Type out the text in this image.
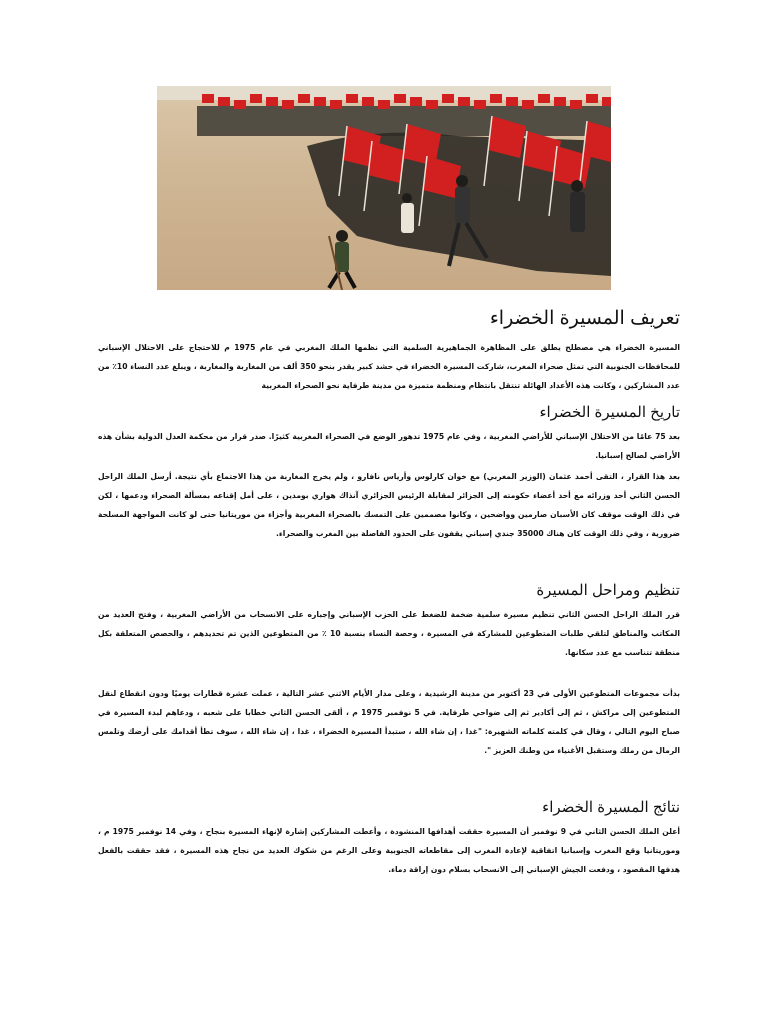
تعريف المسيرة الخضراء

المسيرة الخضراء هي مصطلح يطلق على المظاهرة الجماهيرية السلمية التي نظمها الملك المغربي في عام 1975 م للاحتجاج على الاحتلال الإسباني للمحافظات الجنوبية التي تمثل صحراء المغرب، شاركت المسيرة الخضراء في حشد كبير يقدر بنحو 350 ألف من المغاربة والمغاربة ، ويبلغ عدد النساء 10٪ من عدد المشاركين ، وكانت هذه الأعداد الهائلة تنتقل بانتظام ومنظمة متميزة من مدينة طرفاية نحو الصحراء المغربية

تاريخ المسيرة الخضراء

بعد 75 عامًا من الاحتلال الإسباني للأراضي المغربية ، وفي عام 1975 تدهور الوضع في الصحراء المغربية كثيرًا. صدر قرار من محكمة العدل الدولية بشأن هذه الأراضي لصالح إسبانيا.

بعد هذا القرار ، التقى أحمد عثمان (الوزير المغربي) مع خوان كارلوس وأرياس نافارو ، ولم يخرج المغاربة من هذا الاجتماع بأي نتيجة. أرسل الملك الراحل الحسن الثاني أحد وزرائه مع أحد أعضاء حكومته إلى الجزائر لمقابلة الرئيس الجزائري آنذاك هواري بومدين ، على أمل إقناعه بمسألة الصحراء ودعمها ، لكن في ذلك الوقت موقف كان الأسبان صارمين وواضحين ، وكانوا مصممين على التمسك بالصحراء المغربية وأجزاء من موريتانيا حتى لو كانت المواجهة المسلحة ضرورية ، وفي ذلك الوقت كان هناك 35000 جندي إسباني يقفون على الحدود الفاصلة بين المغرب والصحراء.

تنظيم ومراحل المسيرة

قرر الملك الراحل الحسن الثاني تنظيم مسيرة سلمية ضخمة للضغط على الحزب الإسباني وإجباره على الانسحاب من الأراضي المغربية ، وفتح العديد من المكاتب والمناطق لتلقي طلبات المتطوعين للمشاركة في المسيرة ، وحصة النساء بنسبة 10 ٪ من المتطوعين الذين تم تحديدهم ، والحصص المتعلقة بكل منطقة تتناسب مع عدد سكانها.

بدأت مجموعات المتطوعين الأولى في 23 أكتوبر من مدينة الرشيدية ، وعلى مدار الأيام الاثني عشر التالية ، عملت عشرة قطارات يوميًا ودون انقطاع لنقل المتطوعين إلى مراكش ، ثم إلى أكادير ثم إلى ضواحي طرفاية. في 5 نوفمبر 1975 م ، ألقى الحسن الثاني خطابا على شعبه ، ودعاهم لبدء المسيرة في صباح اليوم التالي ، وقال في كلمته كلماته الشهيرة: "غدا ، إن شاء الله ، ستبدأ المسيرة الخضراء ، غدا ، إن شاء الله ، سوف تطأ أقدامك على أرضك وتلمس الرمال من رملك وستقبل الأغنياء من وطنك العزيز ".

نتائج المسيرة الخضراء

أعلن الملك الحسن الثاني في 9 نوفمبر أن المسيرة حققت أهدافها المنشودة ، وأعطت المشاركين إشارة لإنهاء المسيرة بنجاح ، وفي 14 نوفمبر 1975 م ، وموريتانيا وقع المغرب وإسبانيا اتفاقية لإعادة المغرب إلى مقاطعاته الجنوبية وعلى الرغم من شكوك العديد من نجاح هذه المسيرة ، فقد حققت بالفعل هدفها المقصود ، ودفعت الجيش الإسباني إلى الانسحاب بسلام دون إراقة دماء.
